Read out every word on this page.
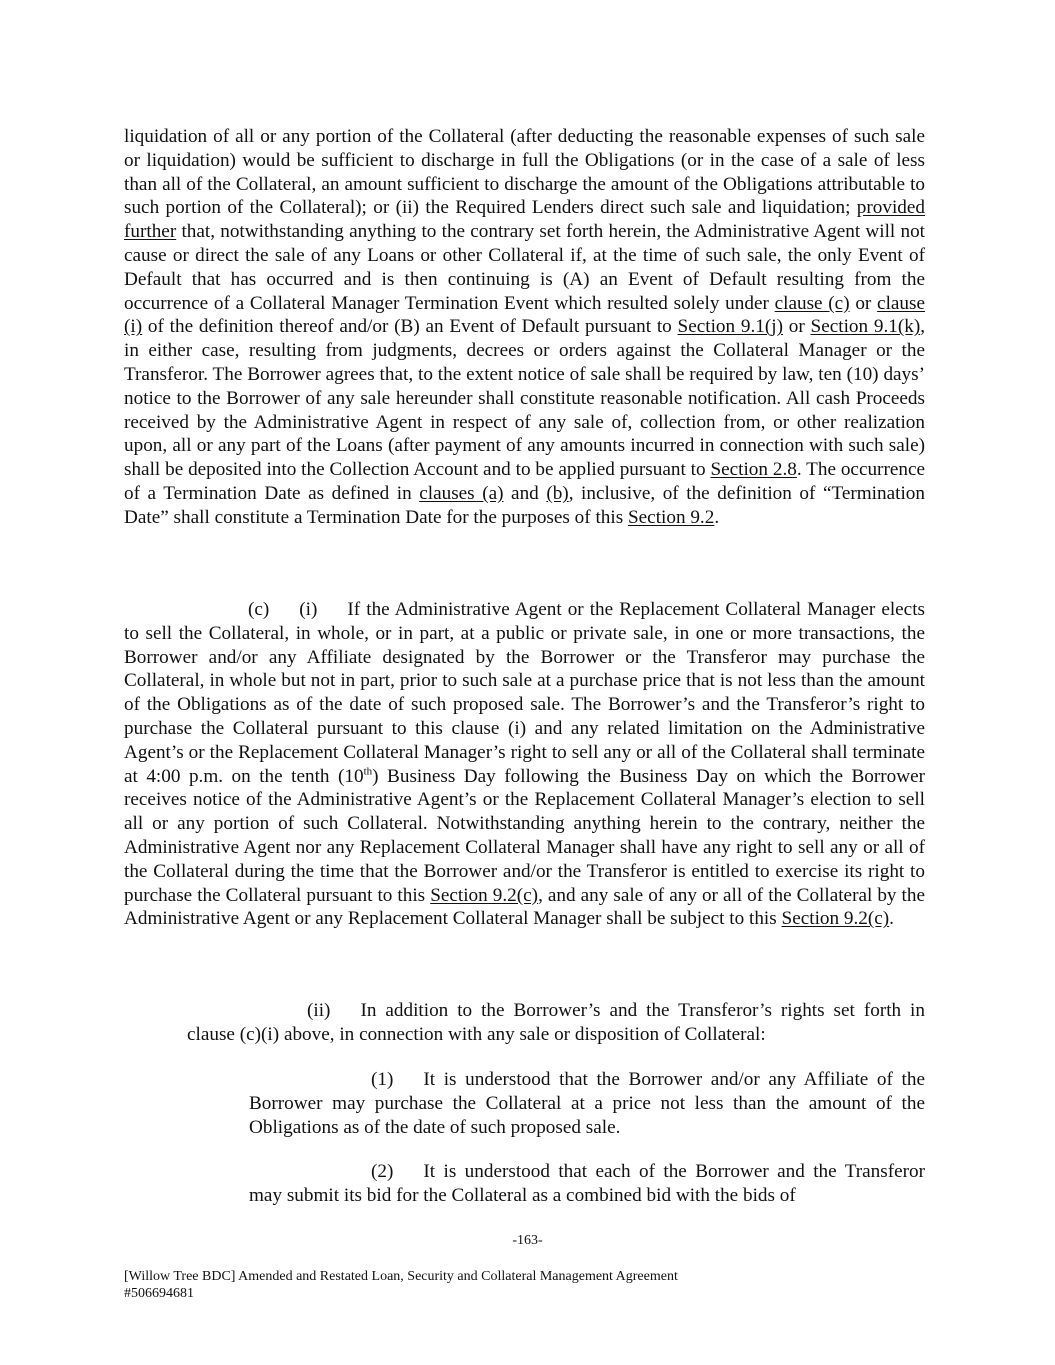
liquidation of all or any portion of the Collateral (after deducting the reasonable expenses of such sale or liquidation) would be sufficient to discharge in full the Obligations (or in the case of a sale of less than all of the Collateral, an amount sufficient to discharge the amount of the Obligations attributable to such portion of the Collateral); or (ii) the Required Lenders direct such sale and liquidation; provided further that, notwithstanding anything to the contrary set forth herein, the Administrative Agent will not cause or direct the sale of any Loans or other Collateral if, at the time of such sale, the only Event of Default that has occurred and is then continuing is (A) an Event of Default resulting from the occurrence of a Collateral Manager Termination Event which resulted solely under clause (c) or clause (i) of the definition thereof and/or (B) an Event of Default pursuant to Section 9.1(j) or Section 9.1(k), in either case, resulting from judgments, decrees or orders against the Collateral Manager or the Transferor. The Borrower agrees that, to the extent notice of sale shall be required by law, ten (10) days’ notice to the Borrower of any sale hereunder shall constitute reasonable notification. All cash Proceeds received by the Administrative Agent in respect of any sale of, collection from, or other realization upon, all or any part of the Loans (after payment of any amounts incurred in connection with such sale) shall be deposited into the Collection Account and to be applied pursuant to Section 2.8. The occurrence of a Termination Date as defined in clauses (a) and (b), inclusive, of the definition of “Termination Date” shall constitute a Termination Date for the purposes of this Section 9.2.

(c) (i) If the Administrative Agent or the Replacement Collateral Manager elects to sell the Collateral, in whole, or in part, at a public or private sale, in one or more transactions, the Borrower and/or any Affiliate designated by the Borrower or the Transferor may purchase the Collateral, in whole but not in part, prior to such sale at a purchase price that is not less than the amount of the Obligations as of the date of such proposed sale. The Borrower’s and the Transferor’s right to purchase the Collateral pursuant to this clause (i) and any related limitation on the Administrative Agent’s or the Replacement Collateral Manager’s right to sell any or all of the Collateral shall terminate at 4:00 p.m. on the tenth (10th) Business Day following the Business Day on which the Borrower receives notice of the Administrative Agent’s or the Replacement Collateral Manager’s election to sell all or any portion of such Collateral. Notwithstanding anything herein to the contrary, neither the Administrative Agent nor any Replacement Collateral Manager shall have any right to sell any or all of the Collateral during the time that the Borrower and/or the Transferor is entitled to exercise its right to purchase the Collateral pursuant to this Section 9.2(c), and any sale of any or all of the Collateral by the Administrative Agent or any Replacement Collateral Manager shall be subject to this Section 9.2(c).

(ii) In addition to the Borrower’s and the Transferor’s rights set forth in clause (c)(i) above, in connection with any sale or disposition of Collateral:

(1) It is understood that the Borrower and/or any Affiliate of the Borrower may purchase the Collateral at a price not less than the amount of the Obligations as of the date of such proposed sale.

(2) It is understood that each of the Borrower and the Transferor may submit its bid for the Collateral as a combined bid with the bids of

-163-
[Willow Tree BDC] Amended and Restated Loan, Security and Collateral Management Agreement
#506694681
